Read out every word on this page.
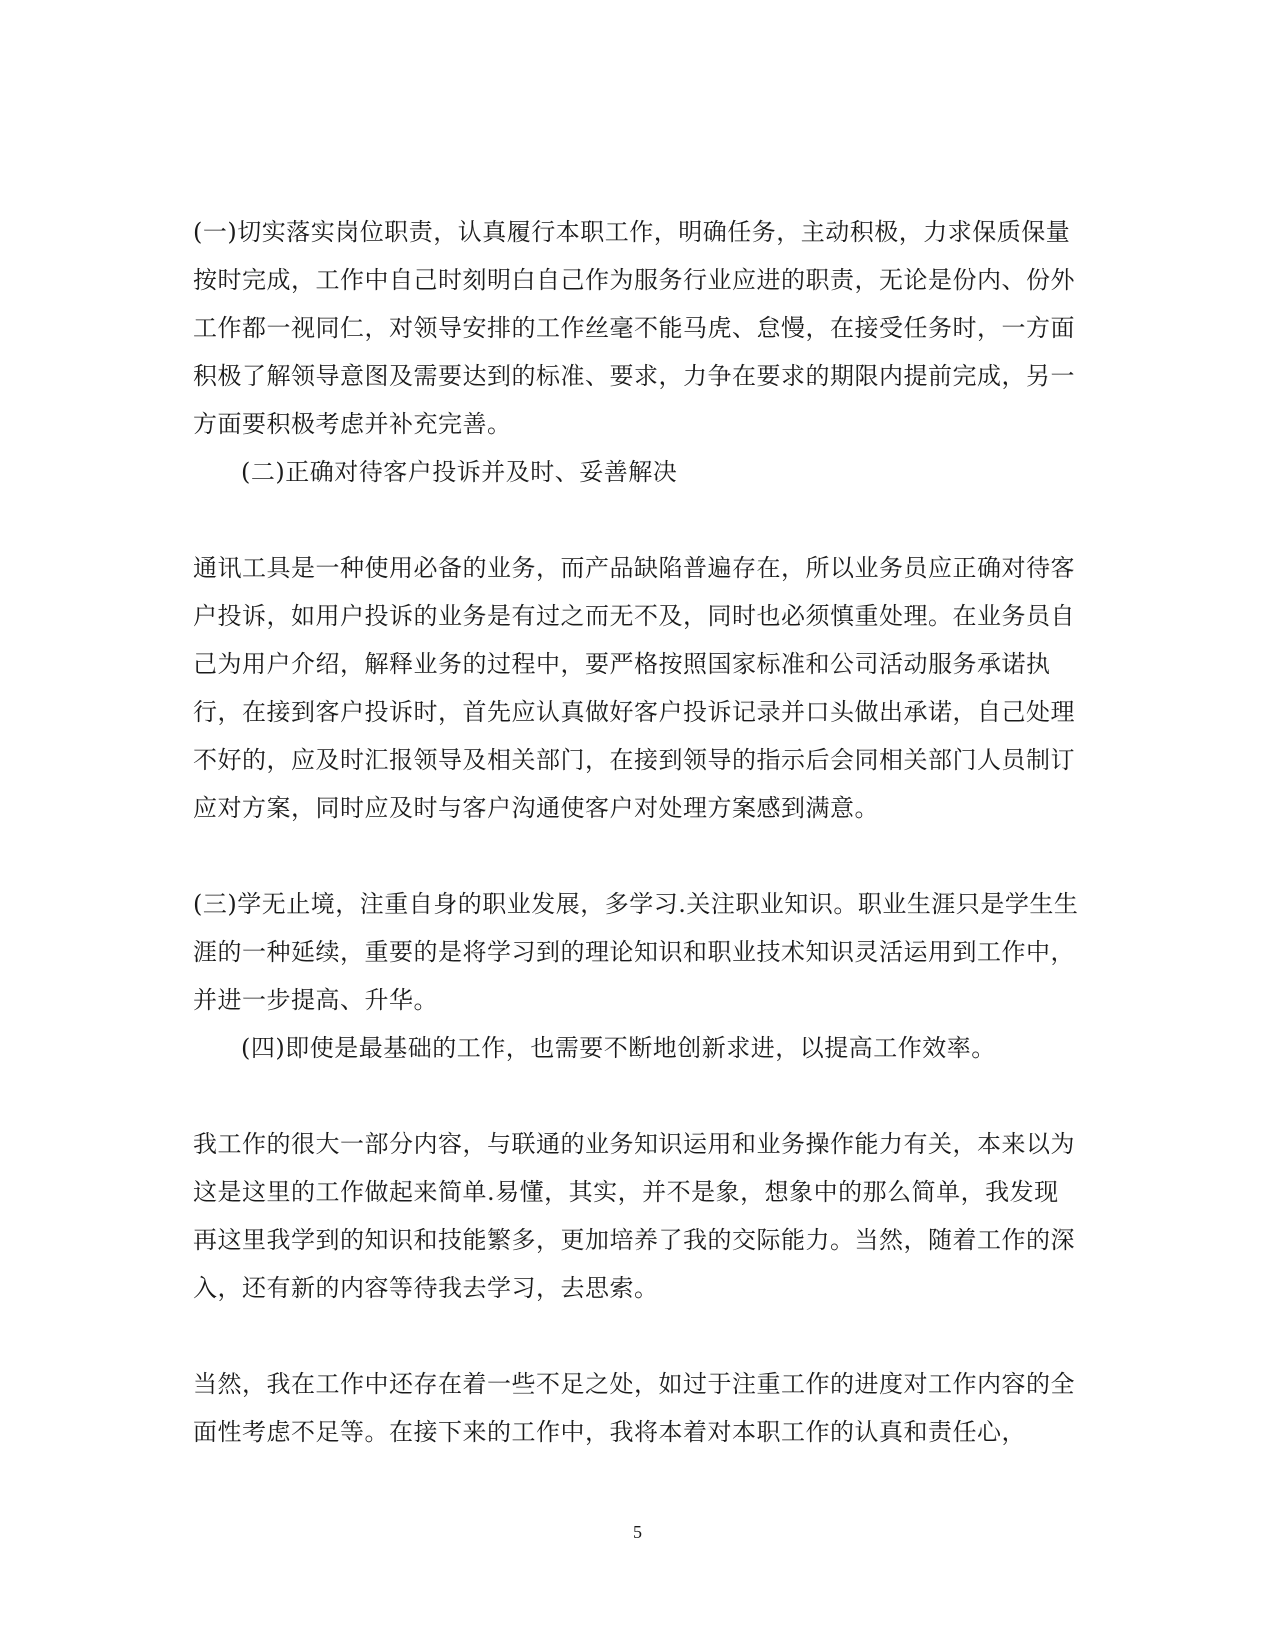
(一)切实落实岗位职责，认真履行本职工作，明确任务，主动积极，力求保质保量按时完成，工作中自己时刻明白自己作为服务行业应进的职责，无论是份内、份外工作都一视同仁，对领导安排的工作丝毫不能马虎、怠慢，在接受任务时，一方面积极了解领导意图及需要达到的标准、要求，力争在要求的期限内提前完成，另一方面要积极考虑并补充完善。

(二)正确对待客户投诉并及时、妥善解决

通讯工具是一种使用必备的业务，而产品缺陷普遍存在，所以业务员应正确对待客户投诉，如用户投诉的业务是有过之而无不及，同时也必须慎重处理。在业务员自己为用户介绍，解释业务的过程中，要严格按照国家标准和公司活动服务承诺执行，在接到客户投诉时，首先应认真做好客户投诉记录并口头做出承诺，自己处理不好的，应及时汇报领导及相关部门，在接到领导的指示后会同相关部门人员制订应对方案，同时应及时与客户沟通使客户对处理方案感到满意。

(三)学无止境，注重自身的职业发展，多学习.关注职业知识。职业生涯只是学生生涯的一种延续，重要的是将学习到的理论知识和职业技术知识灵活运用到工作中，并进一步提高、升华。

(四)即使是最基础的工作，也需要不断地创新求进，以提高工作效率。

我工作的很大一部分内容，与联通的业务知识运用和业务操作能力有关，本来以为这是这里的工作做起来简单.易懂，其实，并不是象，想象中的那么简单，我发现再这里我学到的知识和技能繁多，更加培养了我的交际能力。当然，随着工作的深入，还有新的内容等待我去学习，去思索。

当然，我在工作中还存在着一些不足之处，如过于注重工作的进度对工作内容的全面性考虑不足等。在接下来的工作中，我将本着对本职工作的认真和责任心，

5
